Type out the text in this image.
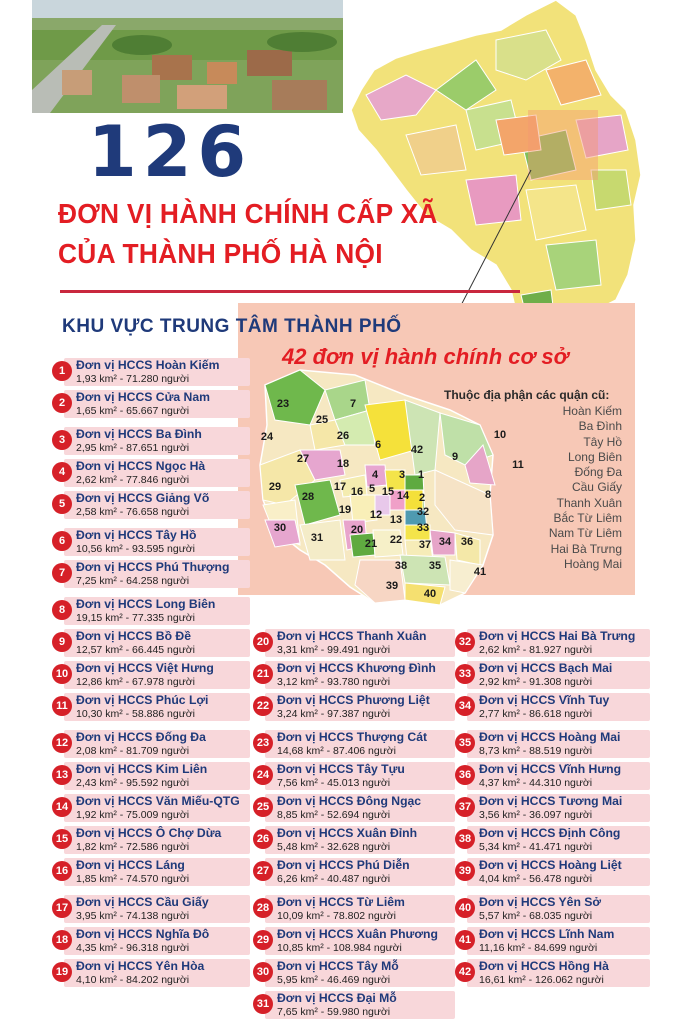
126
ĐƠN VỊ HÀNH CHÍNH CẤP XÃ
CỦA THÀNH PHỐ HÀ NỘI
KHU VỰC TRUNG TÂM THÀNH PHỐ
42 đơn vị hành chính cơ sở
23	7
25
26
6	42
10
24
9
11
27	18
4 3 1
29	17 16 5 15 14 2	8
28
19 12	32
13
33
30
31
20
21 22 37 34 36
38 35	41
39
40
Thuộc địa phận các quận cũ:
Hoàn Kiếm
Ba Đình
Tây Hồ
Long Biên
Đống Đa
Cầu Giấy
Thanh Xuân
Bắc Từ Liêm
Nam Từ Liêm
Hai Bà Trưng
Hoàng Mai
1 Đơn vị HCCS Hoàn Kiếm
1,93 km² - 71.280 người
2 Đơn vị HCCS Cửa Nam
1,65 km² - 65.667 người
3 Đơn vị HCCS Ba Đình
2,95 km² - 87.651 người
4 Đơn vị HCCS Ngọc Hà
2,62 km² - 77.846 người
5 Đơn vị HCCS Giảng Võ
2,58 km² - 76.658 người
6 Đơn vị HCCS Tây Hồ
10,56 km² - 93.595 người
7 Đơn vị HCCS Phú Thượng
7,25 km² - 64.258 người
8 Đơn vị HCCS Long Biên
19,15 km² - 77.335 người
9 Đơn vị HCCS Bồ Đề
12,57 km² - 66.445 người
10 Đơn vị HCCS Việt Hưng
12,86 km² - 67.978 người
11 Đơn vị HCCS Phúc Lợi
10,30 km² - 58.886 người
12 Đơn vị HCCS Đống Đa
2,08 km² - 81.709 người
13 Đơn vị HCCS Kim Liên
2,43 km² - 95.592 người
14 Đơn vị HCCS Văn Miếu-QTG
1,92 km² - 75.009 người
15 Đơn vị HCCS Ô Chợ Dừa
1,82 km² - 72.586 người
16 Đơn vị HCCS Láng
1,85 km² - 74.570 người
17 Đơn vị HCCS Cầu Giấy
3,95 km² - 74.138 người
18 Đơn vị HCCS Nghĩa Đô
4,35 km² - 96.318 người
19 Đơn vị HCCS Yên Hòa
4,10 km² - 84.202 người
20 Đơn vị HCCS Thanh Xuân
3,31 km² - 99.491 người
21 Đơn vị HCCS Khương Đình
3,12 km² - 93.780 người
22 Đơn vị HCCS Phương Liệt
3,24 km² - 97.387 người
23 Đơn vị HCCS Thượng Cát
14,68 km² - 87.406 người
24 Đơn vị HCCS Tây Tựu
7,56 km² - 45.013 người
25 Đơn vị HCCS Đông Ngạc
8,85 km² - 52.694 người
26 Đơn vị HCCS Xuân Đỉnh
5,48 km² - 32.628 người
27 Đơn vị HCCS Phú Diễn
6,26 km² - 40.487 người
28 Đơn vị HCCS Từ Liêm
10,09 km² - 78.802 người
29 Đơn vị HCCS Xuân Phương
10,85 km² - 108.984 người
30 Đơn vị HCCS Tây Mỗ
5,95 km² - 46.469 người
31 Đơn vị HCCS Đại Mỗ
7,65 km² - 59.980 người
32 Đơn vị HCCS Hai Bà Trưng
2,62 km² - 81.927 người
33 Đơn vị HCCS Bạch Mai
2,92 km² - 91.308 người
34 Đơn vị HCCS Vĩnh Tuy
2,77 km² - 86.618 người
35 Đơn vị HCCS Hoàng Mai
8,73 km² - 88.519 người
36 Đơn vị HCCS Vĩnh Hưng
4,37 km² - 44.310 người
37 Đơn vị HCCS Tương Mai
3,56 km² - 36.097 người
38 Đơn vị HCCS Định Công
5,34 km² - 41.471 người
39 Đơn vị HCCS Hoàng Liệt
4,04 km² - 56.478 người
40 Đơn vị HCCS Yên Sở
5,57 km² - 68.035 người
41 Đơn vị HCCS Lĩnh Nam
11,16 km² - 84.699 người
42 Đơn vị HCCS Hồng Hà
16,61 km² - 126.062 người
